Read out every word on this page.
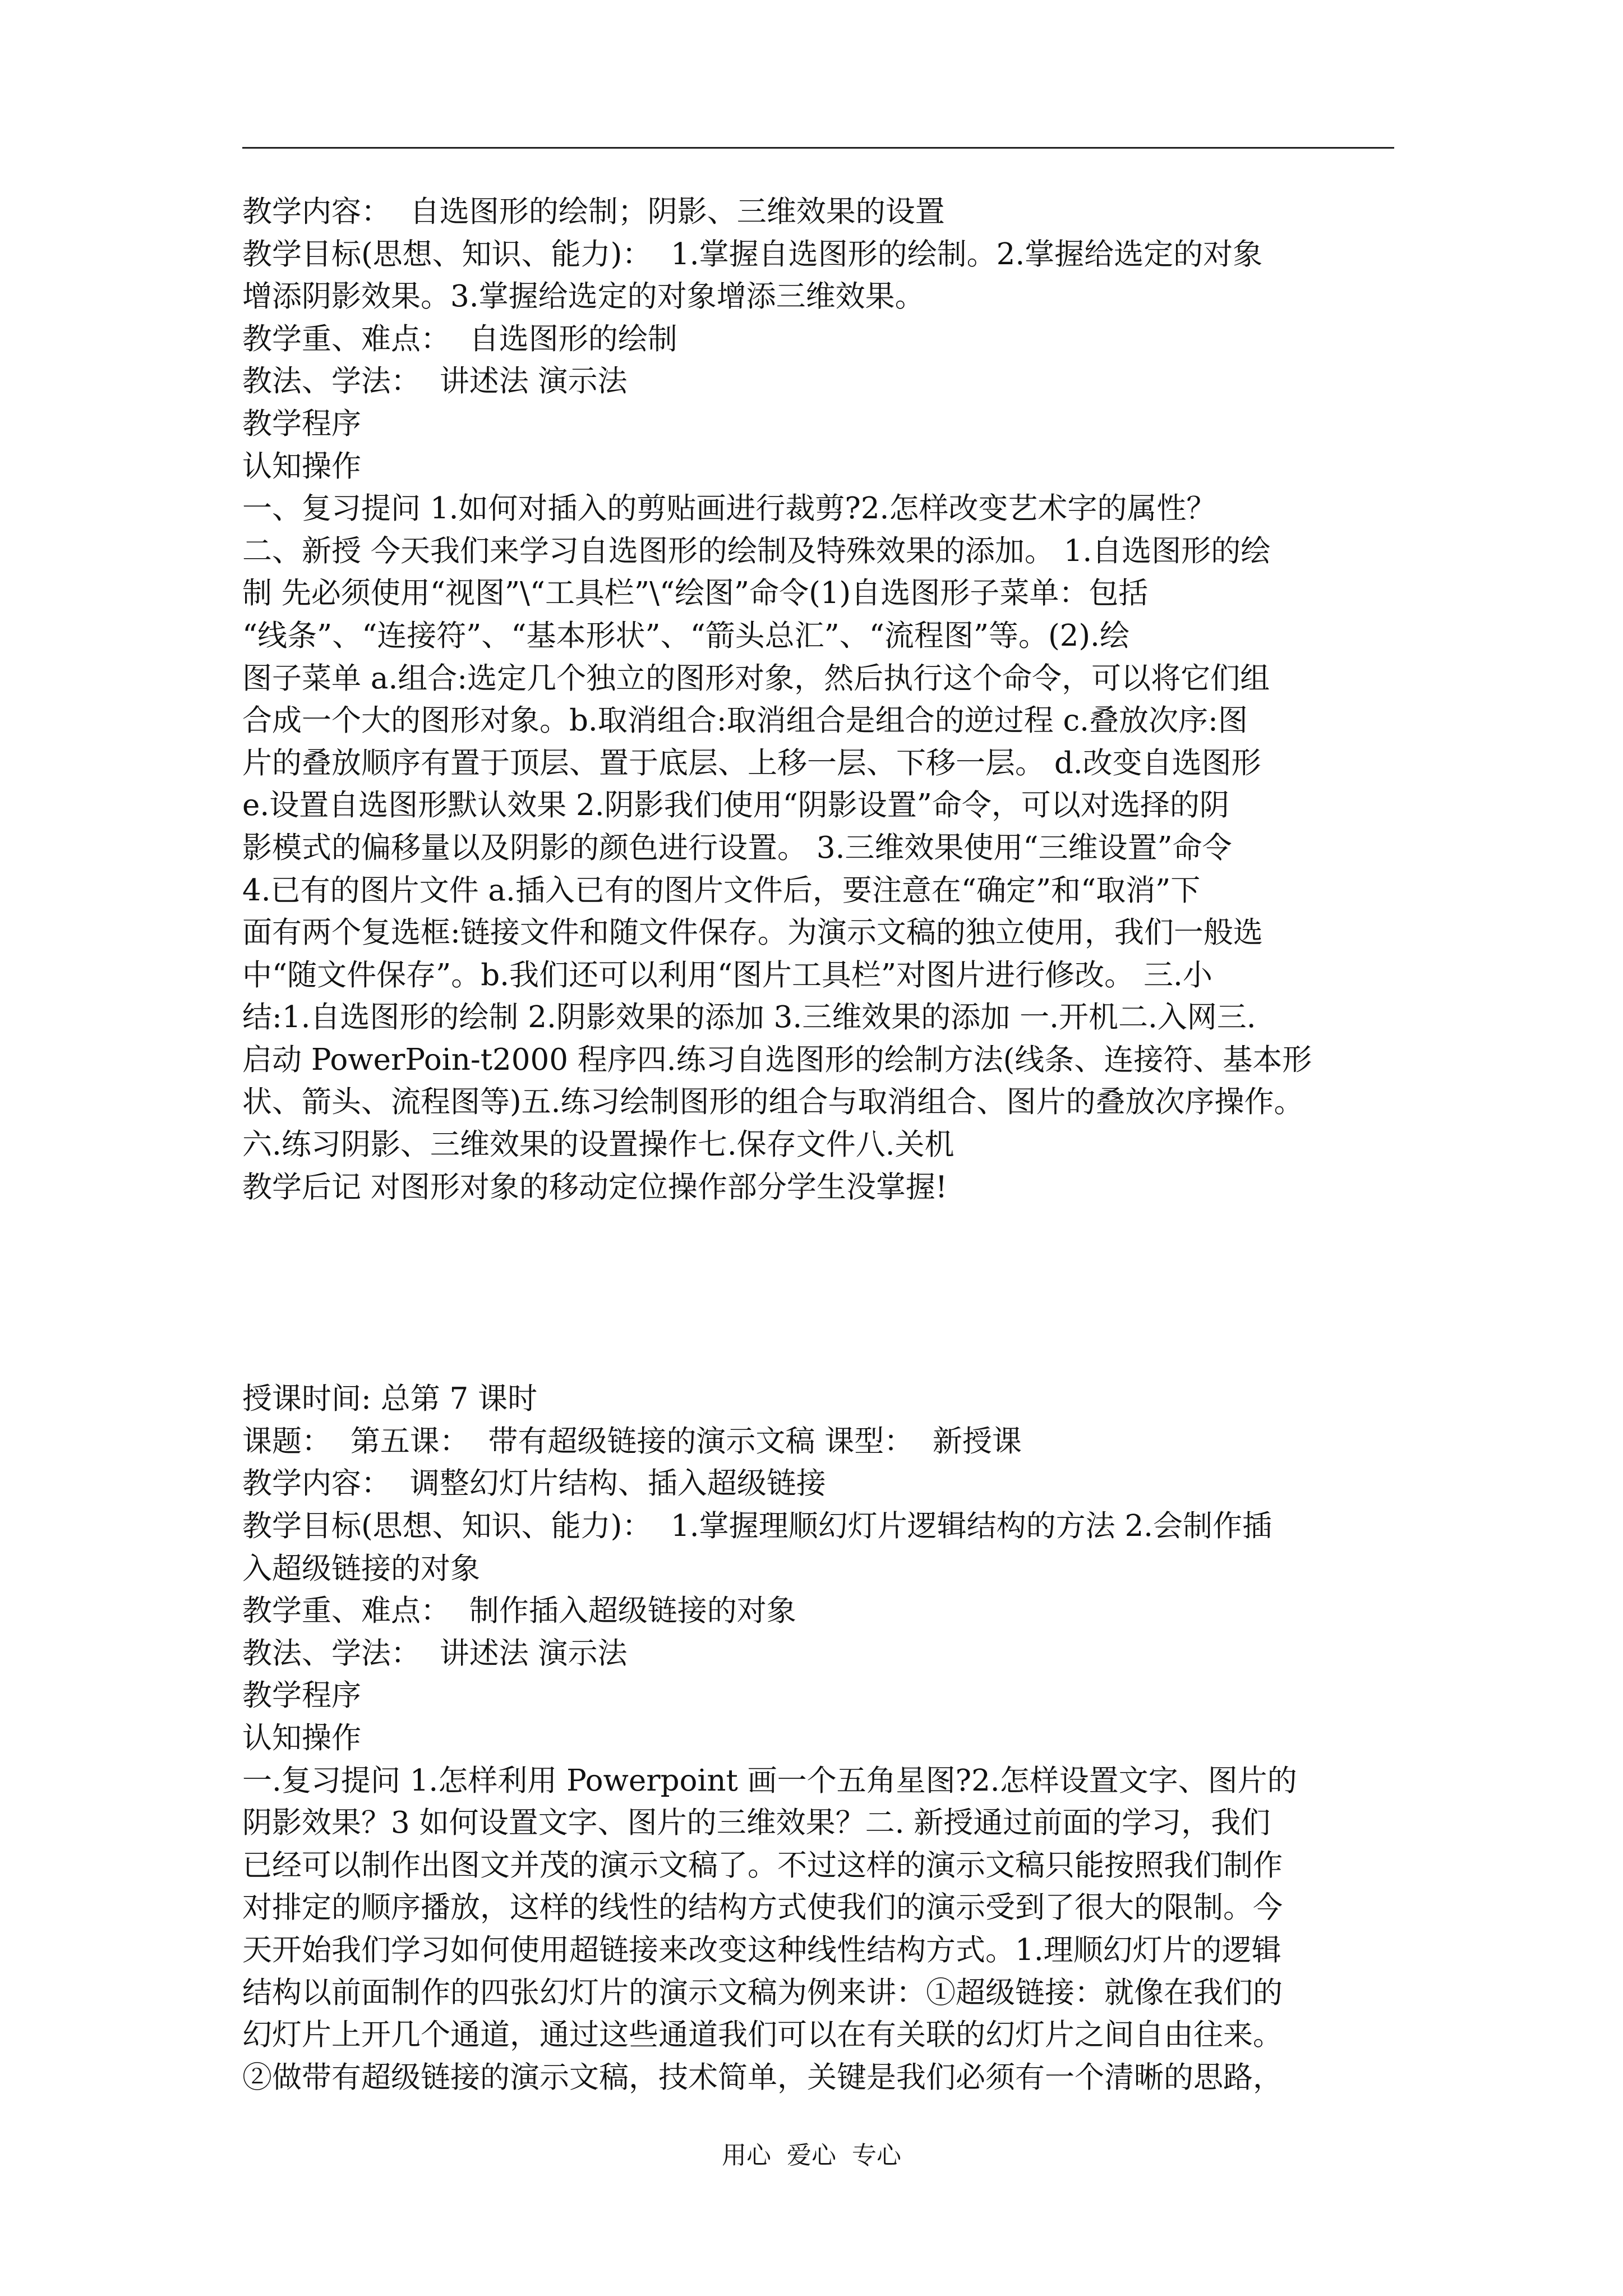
教学内容：  自选图形的绘制；阴影、三维效果的设置
教学目标(思想、知识、能力)：  1.掌握自选图形的绘制。2.掌握给选定的对象
增添阴影效果。3.掌握给选定的对象增添三维效果。
教学重、难点：  自选图形的绘制
教法、学法：  讲述法 演示法
教学程序
认知操作
一、复习提问 1.如何对插入的剪贴画进行裁剪?2.怎样改变艺术字的属性？
二、新授 今天我们来学习自选图形的绘制及特殊效果的添加。 1.自选图形的绘
制 先必须使用“视图”\“工具栏”\“绘图”命令(1)自选图形子菜单：包括
“线条”、“连接符”、“基本形状”、“箭头总汇”、“流程图”等。(2).绘
图子菜单 a.组合:选定几个独立的图形对象，然后执行这个命令，可以将它们组
合成一个大的图形对象。b.取消组合:取消组合是组合的逆过程 c.叠放次序:图
片的叠放顺序有置于顶层、置于底层、上移一层、下移一层。 d.改变自选图形
e.设置自选图形默认效果 2.阴影我们使用“阴影设置”命令，可以对选择的阴
影模式的偏移量以及阴影的颜色进行设置。 3.三维效果使用“三维设置”命令
4.已有的图片文件 a.插入已有的图片文件后，要注意在“确定”和“取消”下
面有两个复选框:链接文件和随文件保存。为演示文稿的独立使用，我们一般选
中“随文件保存”。b.我们还可以利用“图片工具栏”对图片进行修改。 三.小
结:1.自选图形的绘制 2.阴影效果的添加 3.三维效果的添加 一.开机二.入网三.
启动 PowerPoin-t2000 程序四.练习自选图形的绘制方法(线条、连接符、基本形
状、箭头、流程图等)五.练习绘制图形的组合与取消组合、图片的叠放次序操作。
六.练习阴影、三维效果的设置操作七.保存文件八.关机
教学后记 对图形对象的移动定位操作部分学生没掌握!
授课时间: 总第 7 课时
课题：  第五课：  带有超级链接的演示文稿 课型：  新授课
教学内容：  调整幻灯片结构、插入超级链接
教学目标(思想、知识、能力)：  1.掌握理顺幻灯片逻辑结构的方法 2.会制作插
入超级链接的对象
教学重、难点：  制作插入超级链接的对象
教法、学法：  讲述法 演示法
教学程序
认知操作
一.复习提问 1.怎样利用 Powerpoint 画一个五角星图?2.怎样设置文字、图片的
阴影效果？3 如何设置文字、图片的三维效果？二. 新授通过前面的学习，我们
已经可以制作出图文并茂的演示文稿了。不过这样的演示文稿只能按照我们制作
对排定的顺序播放，这样的线性的结构方式使我们的演示受到了很大的限制。今
天开始我们学习如何使用超链接来改变这种线性结构方式。1.理顺幻灯片的逻辑
结构以前面制作的四张幻灯片的演示文稿为例来讲：①超级链接：就像在我们的
幻灯片上开几个通道，通过这些通道我们可以在有关联的幻灯片之间自由往来。
②做带有超级链接的演示文稿，技术简单，关键是我们必须有一个清晰的思路，
用心  爱心  专心
